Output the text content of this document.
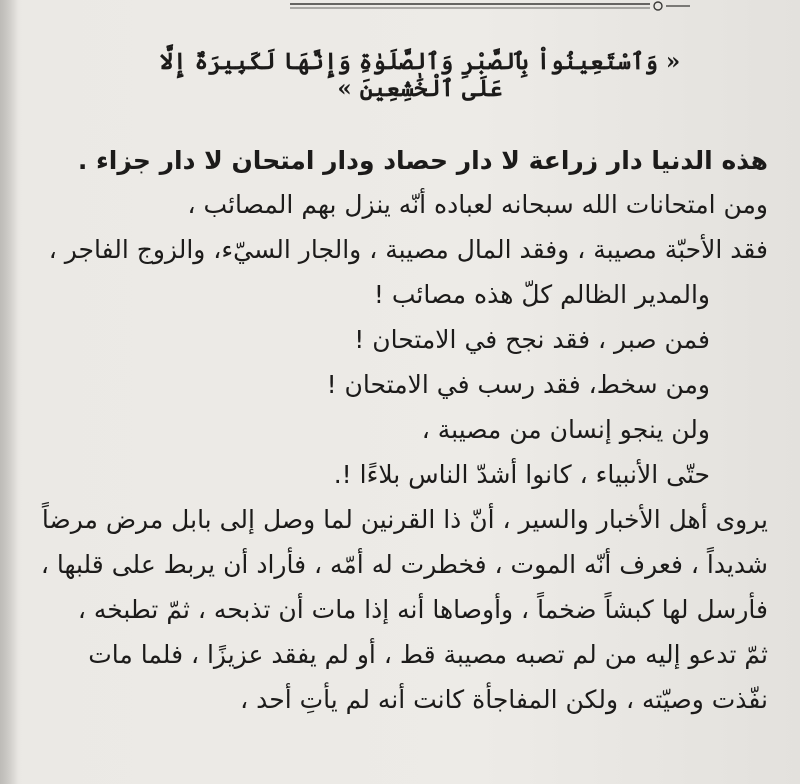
« وَٱسْتَعِينُواْ بِٱلصَّبْرِ وَٱلصَّلَوٰةِ وَإِنَّهَا لَكَبِيرَةٌ إِلَّا عَلَى ٱلْخَٰشِعِينَ »
هذه الدنيا دار زراعة لا دار حصاد ودار امتحان لا دار جزاء .
ومن امتحانات الله سبحانه لعباده أنّه ينزل بهم المصائب ،
فقد الأحبّة مصيبة ، وفقد المال مصيبة ، والجار السيّء، والزوج الفاجر ،
والمدير الظالم كلّ هذه مصائب !
فمن صبر ، فقد نجح في الامتحان !
ومن سخط، فقد رسب في الامتحان !
ولن ينجو إنسان من مصيبة ،
حتّى الأنبياء ، كانوا أشدّ الناس بلاءًا !.
يروى أهل الأخبار والسير ، أنّ ذا القرنين لما وصل إلى بابل مرض مرضاً
شديداً ، فعرف أنّه الموت ، فخطرت له أمّه ، فأراد أن يربط على قلبها ،
فأرسل لها كبشاً ضخماً ، وأوصاها أنه إذا مات أن تذبحه ، ثمّ تطبخه ،
ثمّ تدعو إليه من لم تصبه مصيبة قط ، أو لم يفقد عزيزًا ، فلما مات
نفّذت وصيّته ، ولكن المفاجأة كانت أنه لم يأتِ أحد ،
